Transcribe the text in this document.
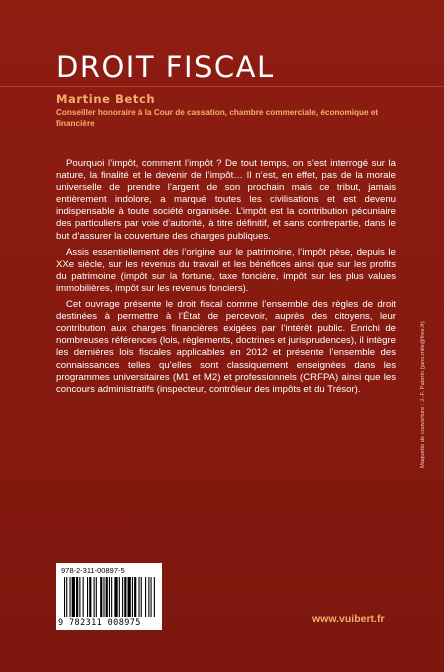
DROIT FISCAL
Martine Betch
Conseiller honoraire à la Cour de cassation, chambre commerciale, économique et financière

Pourquoi l’impôt, comment l’impôt ? De tout temps, on s’est interrogé sur la nature, la finalité et le devenir de l’impôt… Il n’est, en effet, pas de la morale universelle de prendre l’argent de son prochain mais ce tribut, jamais entièrement indolore, a marqué toutes les civilisations et est devenu indispensable à toute société organisée. L’impôt est la contribution pécuniaire des particuliers par voie d’autorité, à titre définitif, et sans contrepartie, dans le but d’assurer la couverture des charges publiques.

Assis essentiellement dès l’origine sur le patrimoine, l’impôt pèse, depuis le XXe siècle, sur les revenus du travail et les bénéfices ainsi que sur les profits du patrimoine (impôt sur la fortune, taxe foncière, impôt sur les plus values immobilières, impôt sur les revenus fonciers).

Cet ouvrage présente le droit fiscal comme l’ensemble des règles de droit destinées à permettre à l’État de percevoir, auprès des citoyens, leur contribution aux charges financières exigées par l’intérêt public. Enrichi de nombreuses références (lois, règlements, doctrines et jurisprudences), il intègre les dernières lois fiscales applicables en 2012 et présente l’ensemble des connaissances telles qu’elles sont classiquement enseignées dans les programmes universitaires (M1 et M2) et professionnels (CRFPA) ainsi que les concours administratifs (inspecteur, contrôleur des impôts et du Trésor).	Maquette de couverture : J.-F. Paterin (jano.mile@free.fr)
978-2-311-00897-5
9 782311 008975	www.vuibert.fr
